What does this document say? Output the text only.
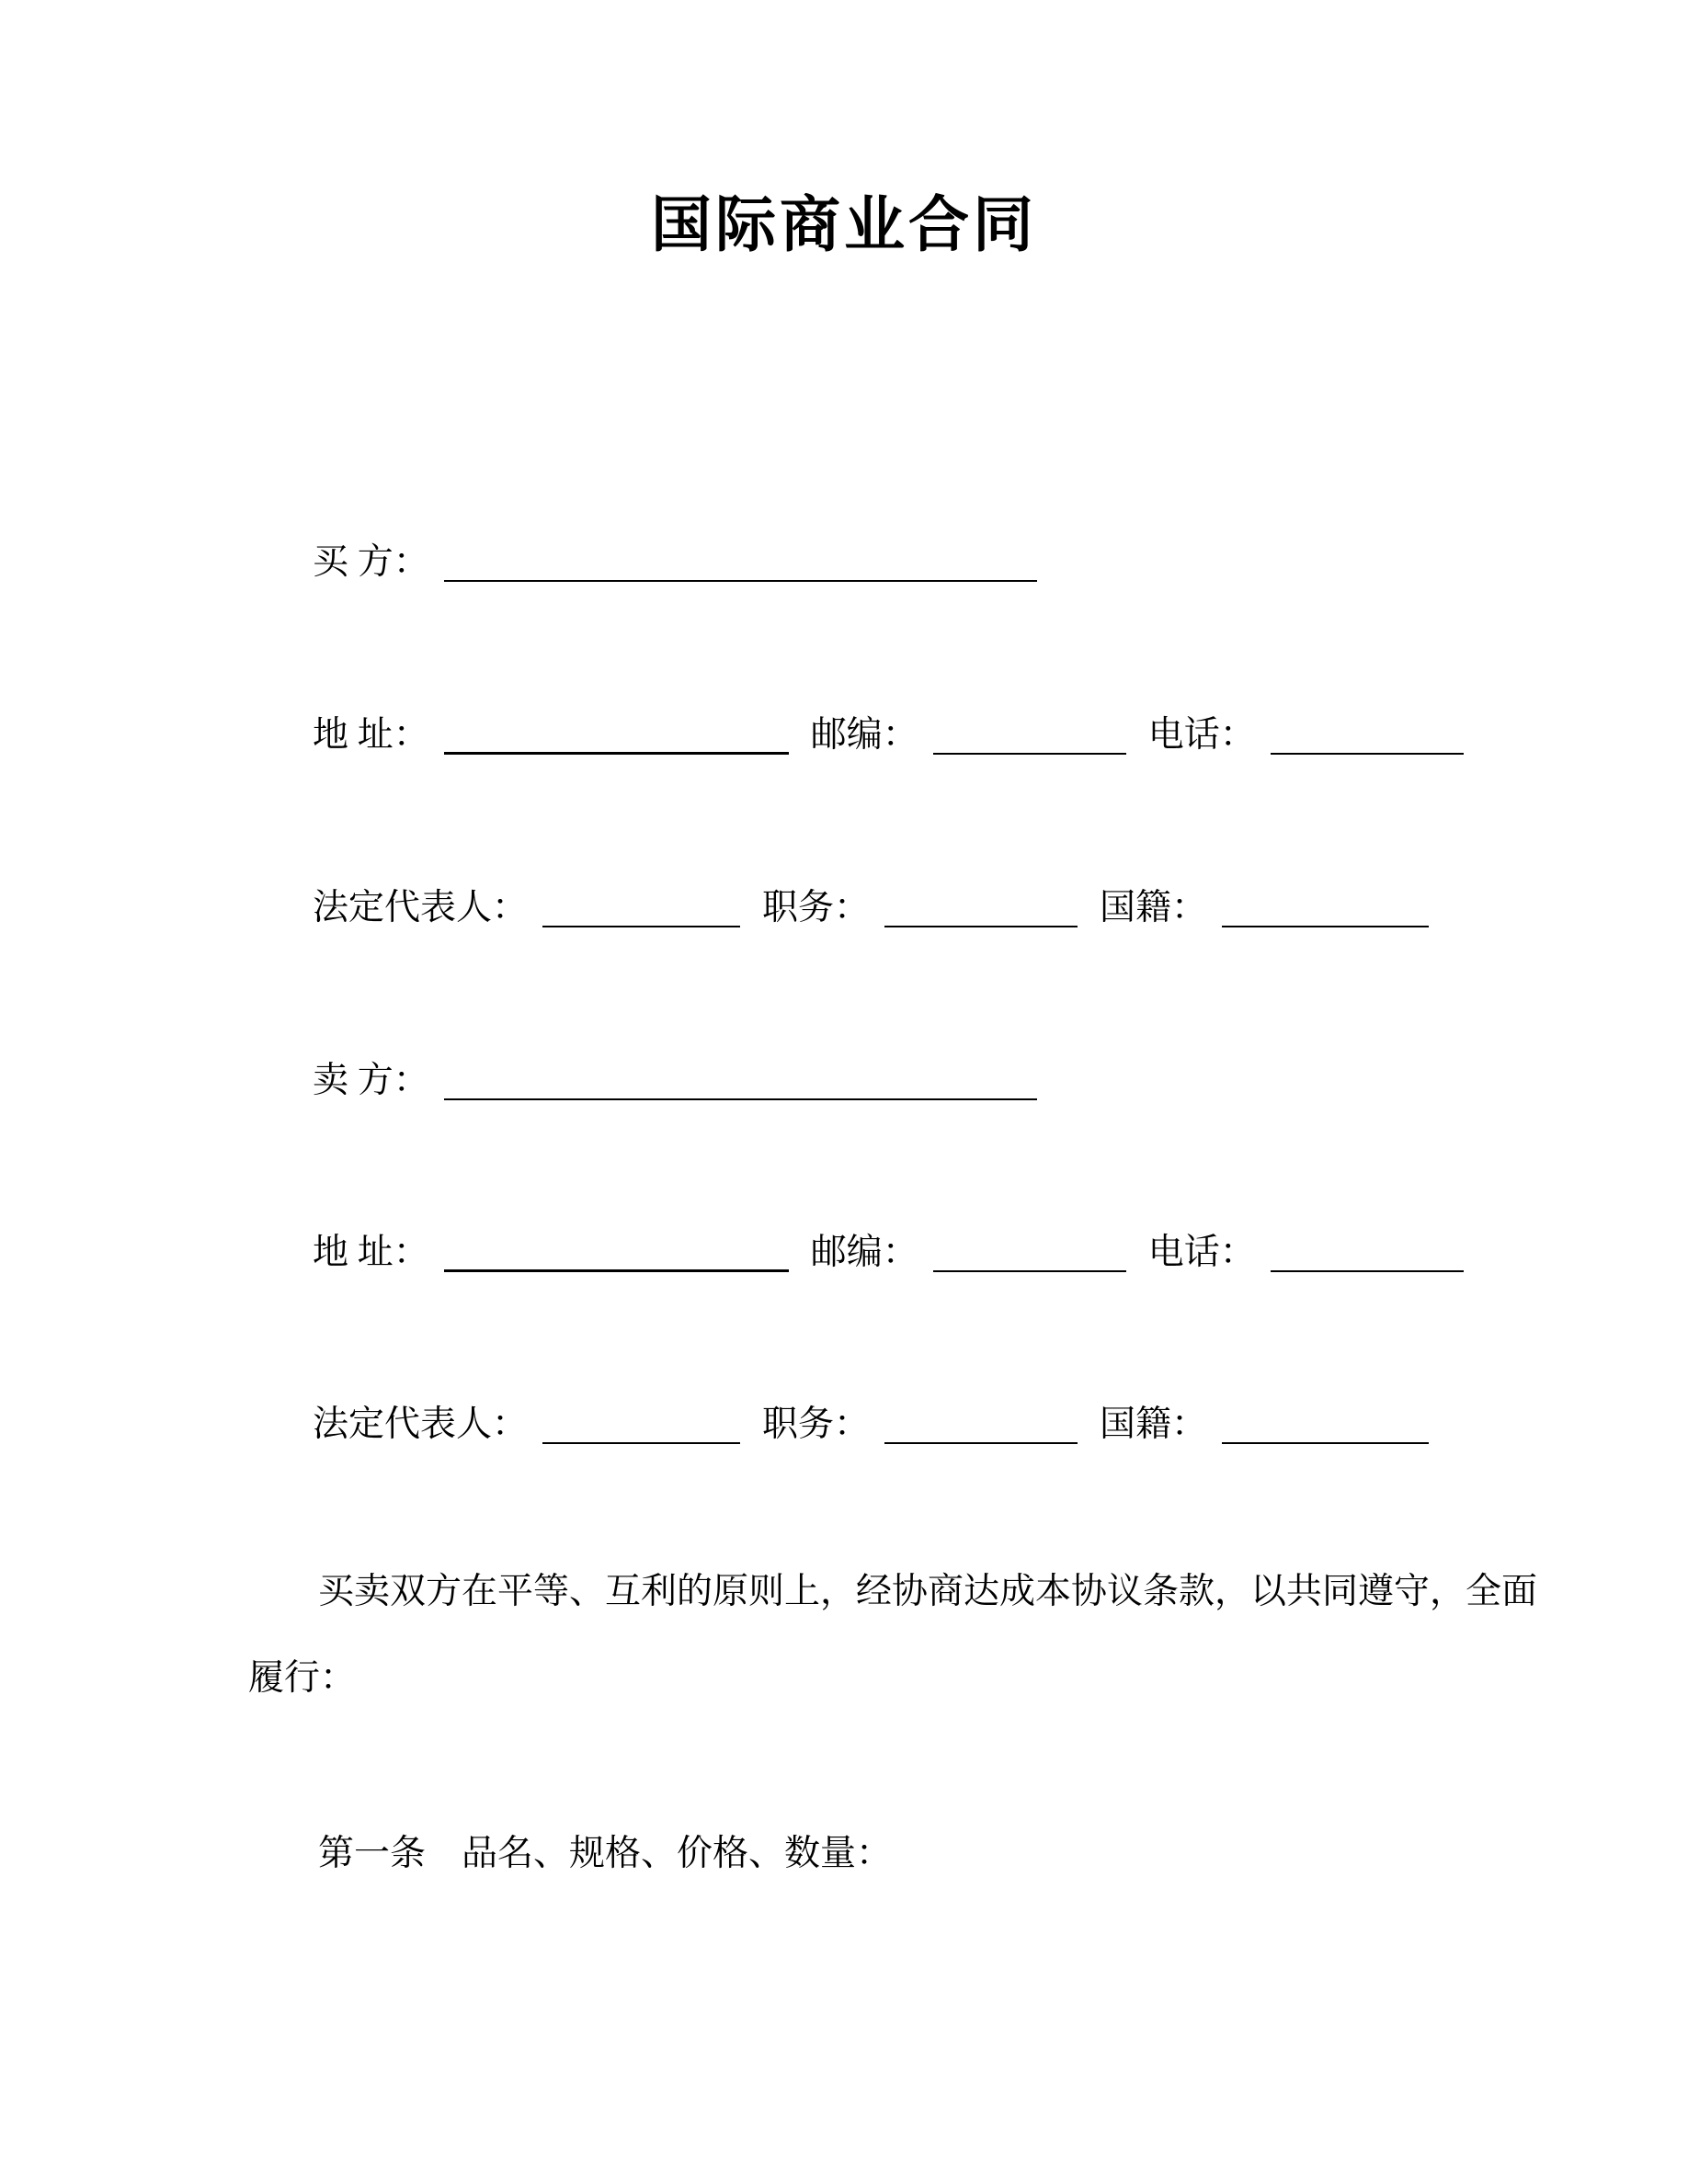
国际商业合同
买 方：
地 址：	邮编：	电话：
法定代表人：	职务：	国籍：
卖 方：
地 址：	邮编：	电话：
法定代表人：	职务：	国籍：
买卖双方在平等、互利的原则上，经协商达成本协议条款，以共同遵守，全面
履行：
第一条　品名、规格、价格、数量：
